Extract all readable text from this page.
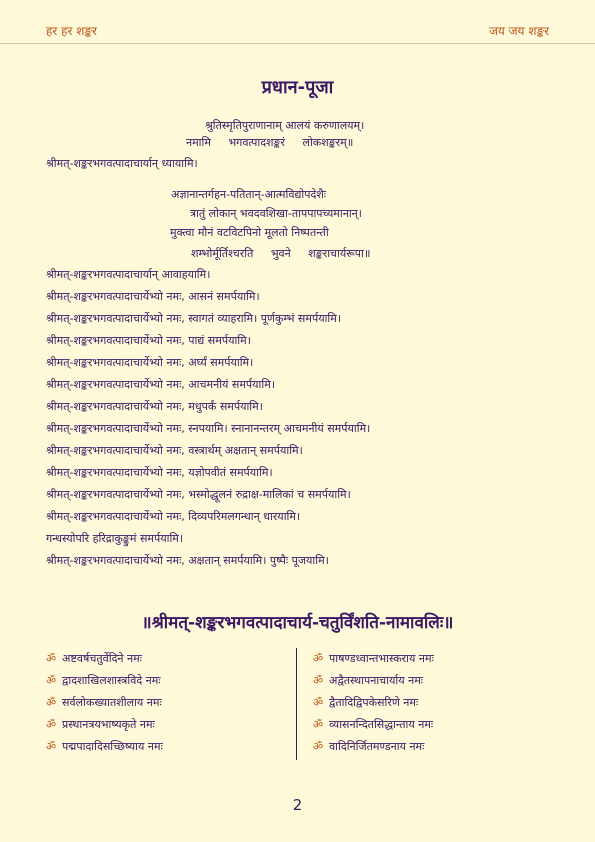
हर हर शङ्कर	जय जय शङ्कर
प्रधान-पूजा
श्रुतिस्मृतिपुराणानाम् आलयं करुणालयम्।
नमामि     भगवत्पादशङ्करं     लोकशङ्करम्॥
श्रीमत्-शङ्करभगवत्पादाचार्यान् ध्यायामि।
अज्ञानान्तर्गहन-पतितान्-आत्मविद्योपदेशैः
त्रातुं लोकान् भवदवशिखा-तापपापच्यमानान्।
मुक्त्वा मौनं वटविटपिनो मूलतो निष्पतन्ती
शम्भोर्मूर्तिश्चरति     भुवने     शङ्कराचार्यरूपा॥
श्रीमत्-शङ्करभगवत्पादाचार्यान् आवाहयामि।
श्रीमत्-शङ्करभगवत्पादाचार्येभ्यो नमः, आसनं समर्पयामि।
श्रीमत्-शङ्करभगवत्पादाचार्येभ्यो नमः, स्वागतं व्याहरामि। पूर्णकुम्भं समर्पयामि।
श्रीमत्-शङ्करभगवत्पादाचार्येभ्यो नमः, पाद्यं समर्पयामि।
श्रीमत्-शङ्करभगवत्पादाचार्येभ्यो नमः, अर्घ्यं समर्पयामि।
श्रीमत्-शङ्करभगवत्पादाचार्येभ्यो नमः, आचमनीयं समर्पयामि।
श्रीमत्-शङ्करभगवत्पादाचार्येभ्यो नमः, मधुपर्कं समर्पयामि।
श्रीमत्-शङ्करभगवत्पादाचार्येभ्यो नमः, स्नपयामि। स्नानानन्तरम् आचमनीयं समर्पयामि।
श्रीमत्-शङ्करभगवत्पादाचार्येभ्यो नमः, वस्त्रार्थम् अक्षतान् समर्पयामि।
श्रीमत्-शङ्करभगवत्पादाचार्येभ्यो नमः, यज्ञोपवीतं समर्पयामि।
श्रीमत्-शङ्करभगवत्पादाचार्येभ्यो नमः, भस्मोद्धूलनं रुद्राक्ष-मालिकां च समर्पयामि।
श्रीमत्-शङ्करभगवत्पादाचार्येभ्यो नमः, दिव्यपरिमलगन्धान् धारयामि।
गन्धस्योपरि हरिद्राकुङ्कुमं समर्पयामि।
श्रीमत्-शङ्करभगवत्पादाचार्येभ्यो नमः, अक्षतान् समर्पयामि। पुष्पैः पूजयामि।
॥श्रीमत्-शङ्करभगवत्पादाचार्य-चतुर्विंशति-नामावलिः॥
ॐ अष्टवर्षचतुर्वेदिने नमः
ॐ द्वादशाखिलशास्त्रविदे नमः
ॐ सर्वलोकख्यातशीलाय नमः
ॐ प्रस्थानत्रयभाष्यकृते नमः
ॐ पद्मपादादिसच्छिष्याय नमः
ॐ पाषण्डध्वान्तभास्कराय नमः
ॐ अद्वैतस्थापनाचार्याय नमः
ॐ द्वैतादिद्विपकेसरिणे नमः
ॐ व्यासनन्दितसिद्धान्ताय नमः
ॐ वादिनिर्जितमण्डनाय नमः
2
